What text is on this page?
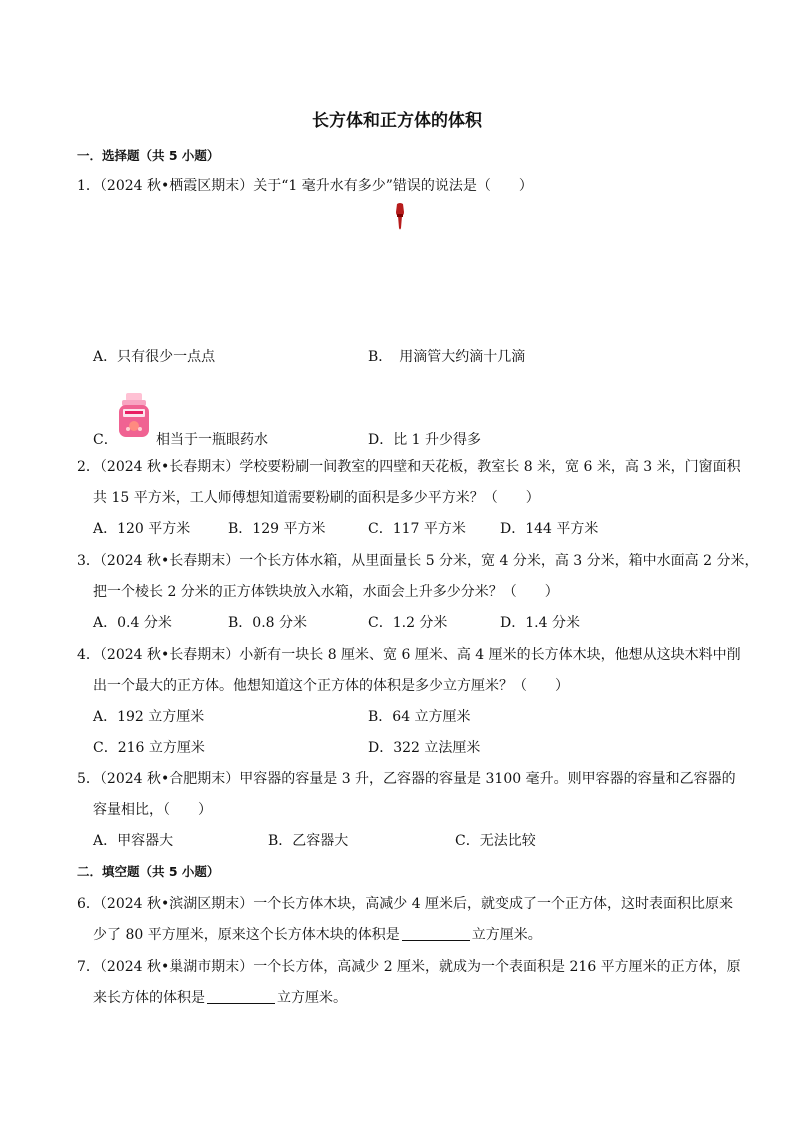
长方体和正方体的体积
一．选择题（共 5 小题）
1．（2024 秋•栖霞区期末）关于“1 毫升水有多少”错误的说法是（　　）
A．只有很少一点点	B．　用滴管大约滴十几滴
C．	相当于一瓶眼药水	D．比 1 升少得多
2．（2024 秋•长春期末）学校要粉刷一间教室的四壁和天花板，教室长 8 米，宽 6 米，高 3 米，门窗面积
共 15 平方米，工人师傅想知道需要粉刷的面积是多少平方米？（　　）
A．120 平方米	B．129 平方米	C．117 平方米 D．144 平方米
3．（2024 秋•长春期末）一个长方体水箱，从里面量长 5 分米，宽 4 分米，高 3 分米，箱中水面高 2 分米，
把一个棱长 2 分米的正方体铁块放入水箱，水面会上升多少分米？（　　）
A．0.4 分米	B．0.8 分米	C．1.2 分米	D．1.4 分米
4．（2024 秋•长春期末）小新有一块长 8 厘米、宽 6 厘米、高 4 厘米的长方体木块，他想从这块木料中削
出一个最大的正方体。他想知道这个正方体的体积是多少立方厘米？（　　）
A．192 立方厘米	B．64 立方厘米
C．216 立方厘米	D．322 立法厘米
5．（2024 秋•合肥期末）甲容器的容量是 3 升，乙容器的容量是 3100 毫升。则甲容器的容量和乙容器的
容量相比，（　　）
A．甲容器大	B．乙容器大	C．无法比较
二．填空题（共 5 小题）
6．（2024 秋•滨湖区期末）一个长方体木块，高减少 4 厘米后，就变成了一个正方体，这时表面积比原来
少了 80 平方厘米，原来这个长方体木块的体积是	立方厘米。
7．（2024 秋•巢湖市期末）一个长方体，高减少 2 厘米，就成为一个表面积是 216 平方厘米的正方体，原
来长方体的体积是	立方厘米。
